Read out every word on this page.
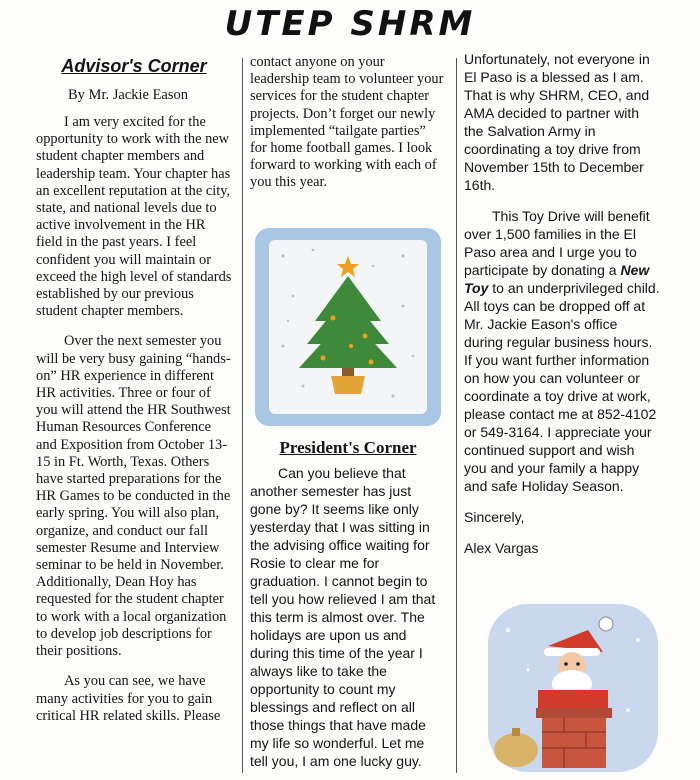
UTEP SHRM
Advisor's Corner
By Mr. Jackie Eason

I am very excited for the opportunity to work with the new student chapter members and leadership team. Your chapter has an excellent reputation at the city, state, and national levels due to active involvement in the HR field in the past years. I feel confident you will maintain or exceed the high level of standards established by our previous student chapter members.

Over the next semester you will be very busy gaining “hands-on” HR experience in different HR activities. Three or four of you will attend the HR Southwest Human Resources Conference and Exposition from October 13-15 in Ft. Worth, Texas. Others have started preparations for the HR Games to be conducted in the early spring. You will also plan, organize, and conduct our fall semester Resume and Interview seminar to be held in November. Additionally, Dean Hoy has requested for the student chapter to work with a local organization to develop job descriptions for their positions.

As you can see, we have many activities for you to gain critical HR related skills. Please

contact anyone on your leadership team to volunteer your services for the student chapter projects. Don’t forget our newly implemented “tailgate parties” for home football games. I look forward to working with each of you this year.

President's Corner

Can you believe that another semester has just gone by? It seems like only yesterday that I was sitting in the advising office waiting for Rosie to clear me for graduation. I cannot begin to tell you how relieved I am that this term is almost over. The holidays are upon us and during this time of the year I always like to take the opportunity to count my blessings and reflect on all those things that have made my life so wonderful. Let me tell you, I am one lucky guy.

Unfortunately, not everyone in El Paso is a blessed as I am. That is why SHRM, CEO, and AMA decided to partner with the Salvation Army in coordinating a toy drive from November 15th to December 16th.

This Toy Drive will benefit over 1,500 families in the El Paso area and I urge you to participate by donating a New Toy to an underprivileged child. All toys can be dropped off at Mr. Jackie Eason's office during regular business hours. If you want further information on how you can volunteer or coordinate a toy drive at work, please contact me at 852-4102 or 549-3164. I appreciate your continued support and wish you and your family a happy and safe Holiday Season.

Sincerely,

Alex Vargas
